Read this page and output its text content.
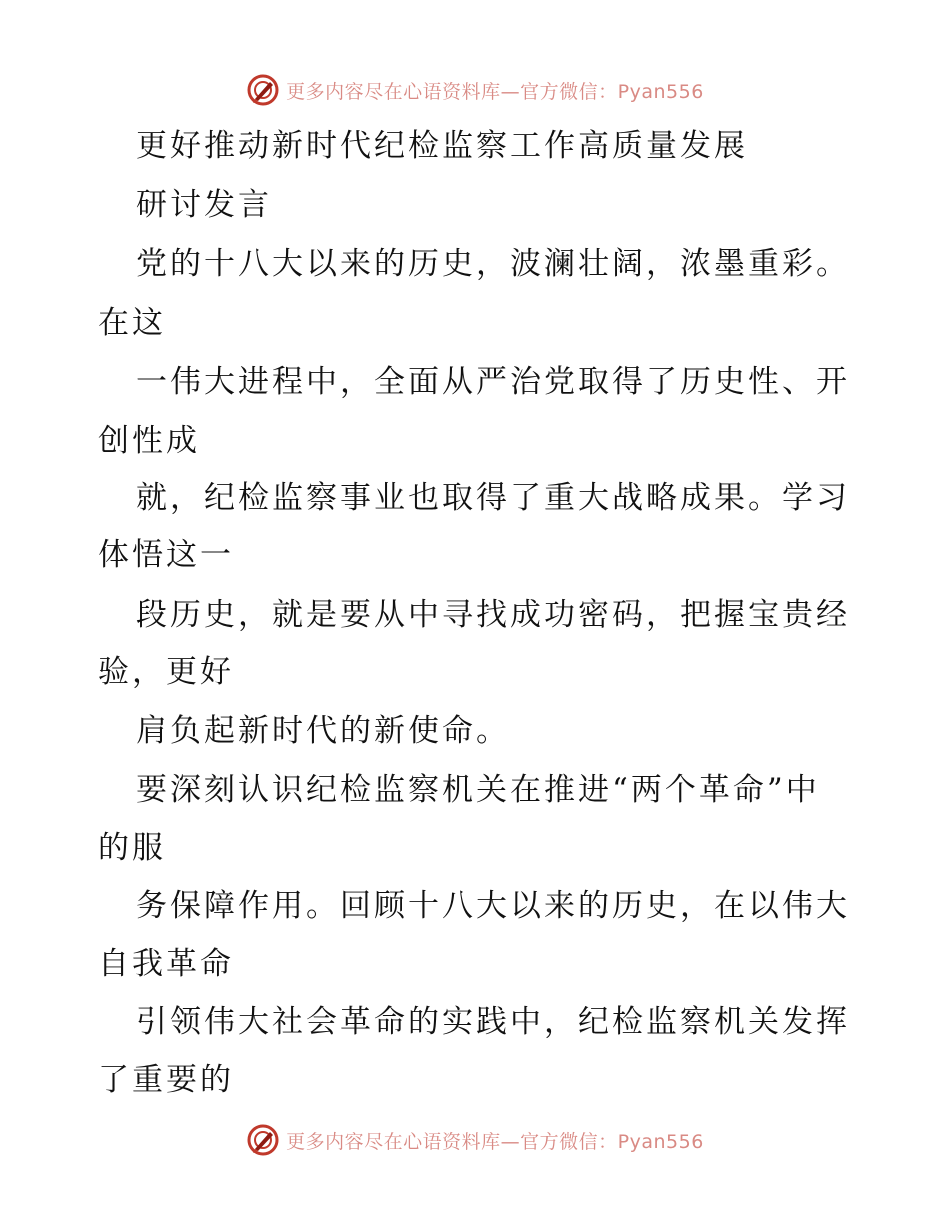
更多内容尽在心语资料库—官方微信：Pyan556
更好推动新时代纪检监察工作高质量发展
研讨发言
党的十八大以来的历史，波澜壮阔，浓墨重彩。
在这
一伟大进程中，全面从严治党取得了历史性、开
创性成
就，纪检监察事业也取得了重大战略成果。学习
体悟这一
段历史，就是要从中寻找成功密码，把握宝贵经
验，更好
肩负起新时代的新使命。
要深刻认识纪检监察机关在推进“两个革命”中
的服
务保障作用。回顾十八大以来的历史，在以伟大
自我革命
引领伟大社会革命的实践中，纪检监察机关发挥
了重要的
更多内容尽在心语资料库—官方微信：Pyan556
